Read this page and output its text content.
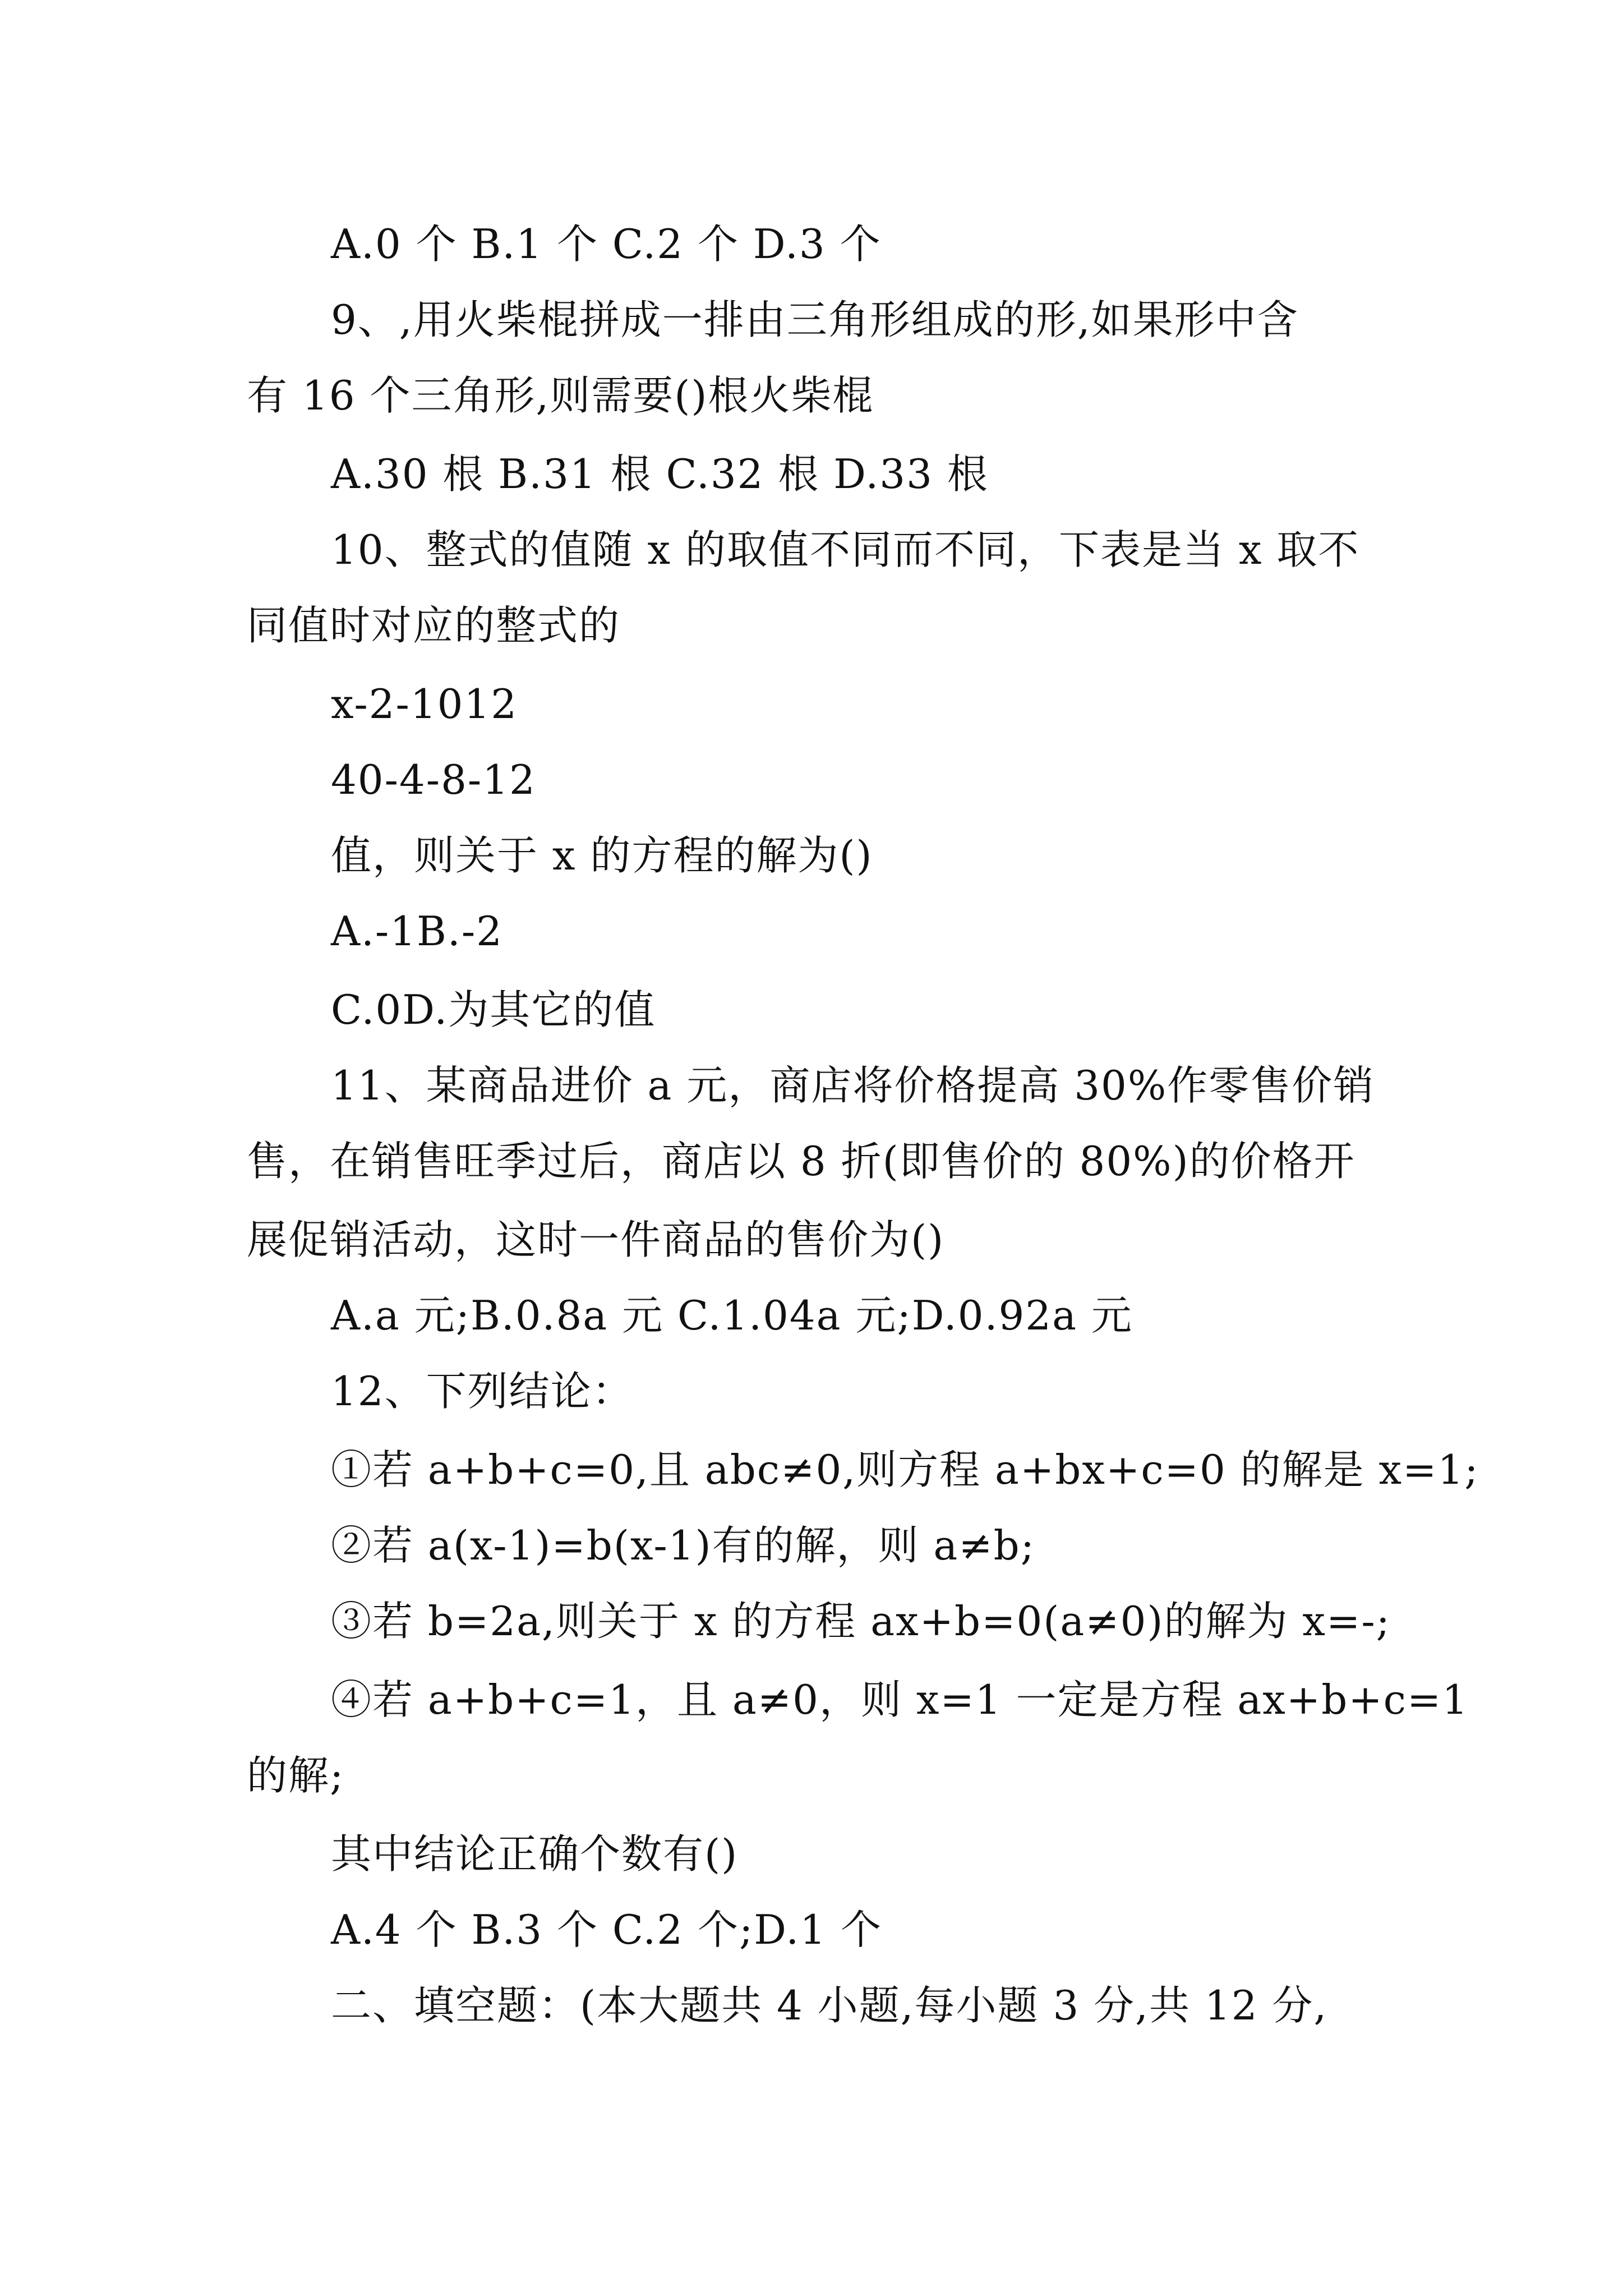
A.0 个 B.1 个 C.2 个 D.3 个
9、,用火柴棍拼成一排由三角形组成的形,如果形中含
有 16 个三角形,则需要()根火柴棍
A.30 根 B.31 根 C.32 根 D.33 根
10、整式的值随 x 的取值不同而不同，下表是当 x 取不
同值时对应的整式的
x-2-1012
40-4-8-12
值，则关于 x 的方程的解为()
A.-1B.-2
C.0D.为其它的值
11、某商品进价 a 元，商店将价格提高 30%作零售价销
售，在销售旺季过后，商店以 8 折(即售价的 80%)的价格开
展促销活动，这时一件商品的售价为()
A.a 元;B.0.8a 元 C.1.04a 元;D.0.92a 元
12、下列结论：
①若 a+b+c=0,且 abc≠0,则方程 a+bx+c=0 的解是 x=1;
②若 a(x-1)=b(x-1)有的解，则 a≠b;
③若 b=2a,则关于 x 的方程 ax+b=0(a≠0)的解为 x=-;
④若 a+b+c=1，且 a≠0，则 x=1 一定是方程 ax+b+c=1
的解;
其中结论正确个数有()
A.4 个 B.3 个 C.2 个;D.1 个
二、填空题：(本大题共 4 小题,每小题 3 分,共 12 分,
